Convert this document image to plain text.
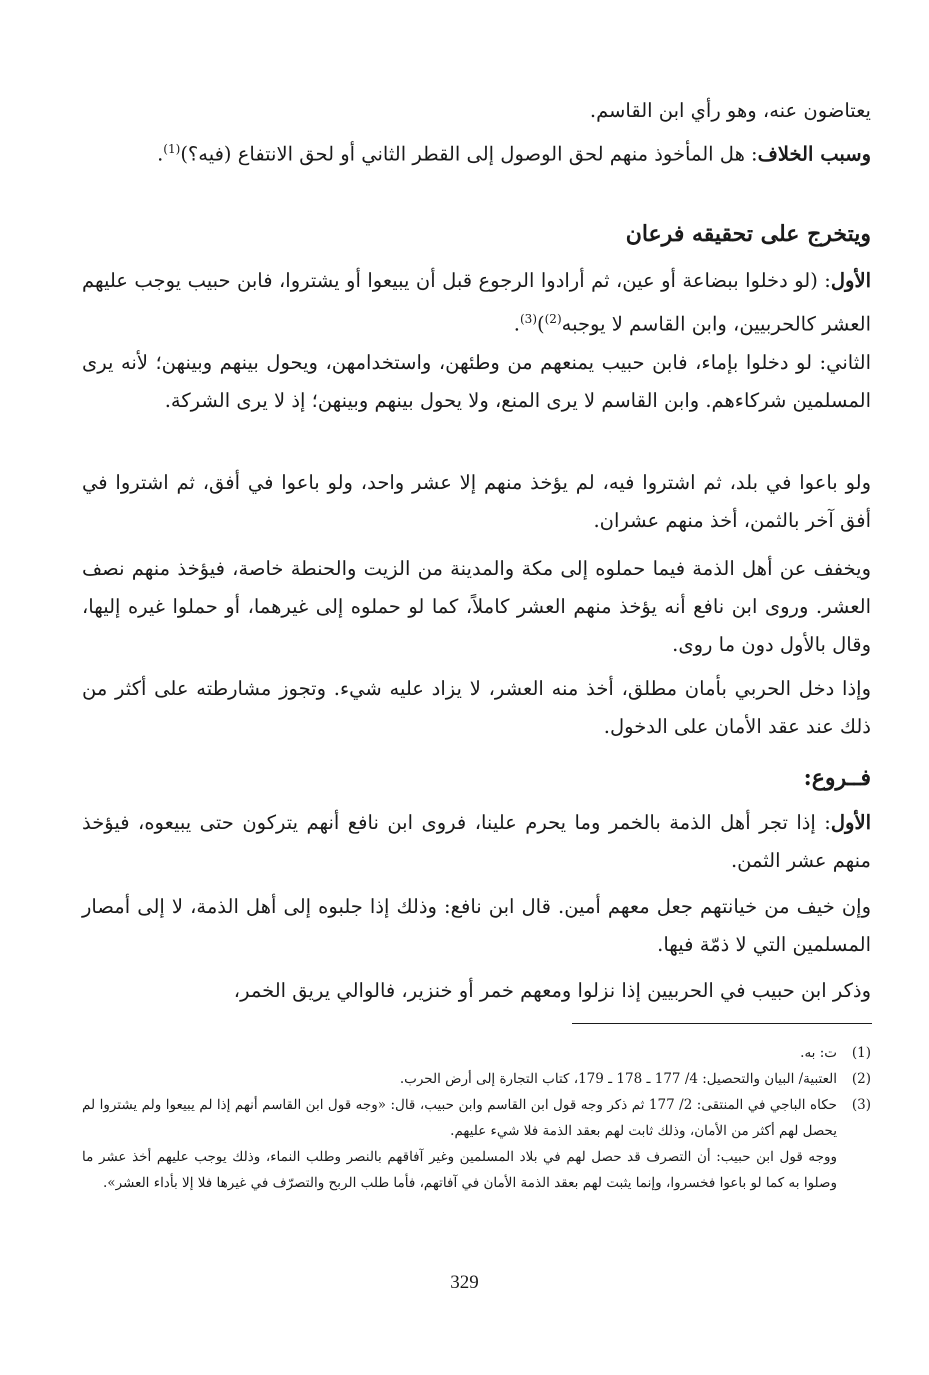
يعتاضون عنه، وهو رأي ابن القاسم.

وسبب الخلاف: هل المأخوذ منهم لحق الوصول إلى القطر الثاني أو لحق الانتفاع (فيه؟)$^{(1)}$.

ويتخرج على تحقيقه فرعان

الأول: (لو دخلوا ببضاعة أو عين، ثم أرادوا الرجوع قبل أن يبيعوا أو يشتروا، فابن حبيب يوجب عليهم العشر كالحربيين، وابن القاسم لا يوجبه$^{(2)}$)$^{(3)}$.

الثاني: لو دخلوا بإماء، فابن حبيب يمنعهم من وطئهن، واستخدامهن، ويحول بينهم وبينهن؛ لأنه يرى المسلمين شركاءهم. وابن القاسم لا يرى المنع، ولا يحول بينهم وبينهن؛ إذ لا يرى الشركة.

ولو باعوا في بلد، ثم اشتروا فيه، لم يؤخذ منهم إلا عشر واحد، ولو باعوا في أفق، ثم اشتروا في أفق آخر بالثمن، أخذ منهم عشران.

ويخفف عن أهل الذمة فيما حملوه إلى مكة والمدينة من الزيت والحنطة خاصة، فيؤخذ منهم نصف العشر. وروى ابن نافع أنه يؤخذ منهم العشر كاملاً، كما لو حملوه إلى غيرهما، أو حملوا غيره إليها، وقال بالأول دون ما روى.

وإذا دخل الحربي بأمان مطلق، أخذ منه العشر، لا يزاد عليه شيء. وتجوز مشارطته على أكثر من ذلك عند عقد الأمان على الدخول.

فــروع:

الأول: إذا تجر أهل الذمة بالخمر وما يحرم علينا، فروى ابن نافع أنهم يتركون حتى يبيعوه، فيؤخذ منهم عشر الثمن.

وإن خيف من خيانتهم جعل معهم أمين. قال ابن نافع: وذلك إذا جلبوه إلى أهل الذمة، لا إلى أمصار المسلمين التي لا ذمّة فيها.

وذكر ابن حبيب في الحربيين إذا نزلوا ومعهم خمر أو خنزير، فالوالي يريق الخمر،

(1)
ت: به.
(2)
العتبية/ البيان والتحصيل: 4/ 177 ـ 178 ـ 179، كتاب التجارة إلى أرض الحرب.
(3)
حكاه الباجي في المنتقى: 2/ 177 ثم ذكر وجه قول ابن القاسم وابن حبيب، قال: «وجه قول ابن القاسم أنهم إذا لم يبيعوا ولم يشتروا لم يحصل لهم أكثر من الأمان، وذلك ثابت لهم بعقد الذمة فلا شيء عليهم.
ووجه قول ابن حبيب: أن التصرف قد حصل لهم في بلاد المسلمين وغير آفاقهم بالنصر وطلب النماء، وذلك يوجب عليهم أخذ عشر ما وصلوا به كما لو باعوا فخسروا، وإنما يثبت لهم بعقد الذمة الأمان في آفاتهم، فأما طلب الربح والتصرّف في غيرها فلا إلا بأداء العشر».
329
